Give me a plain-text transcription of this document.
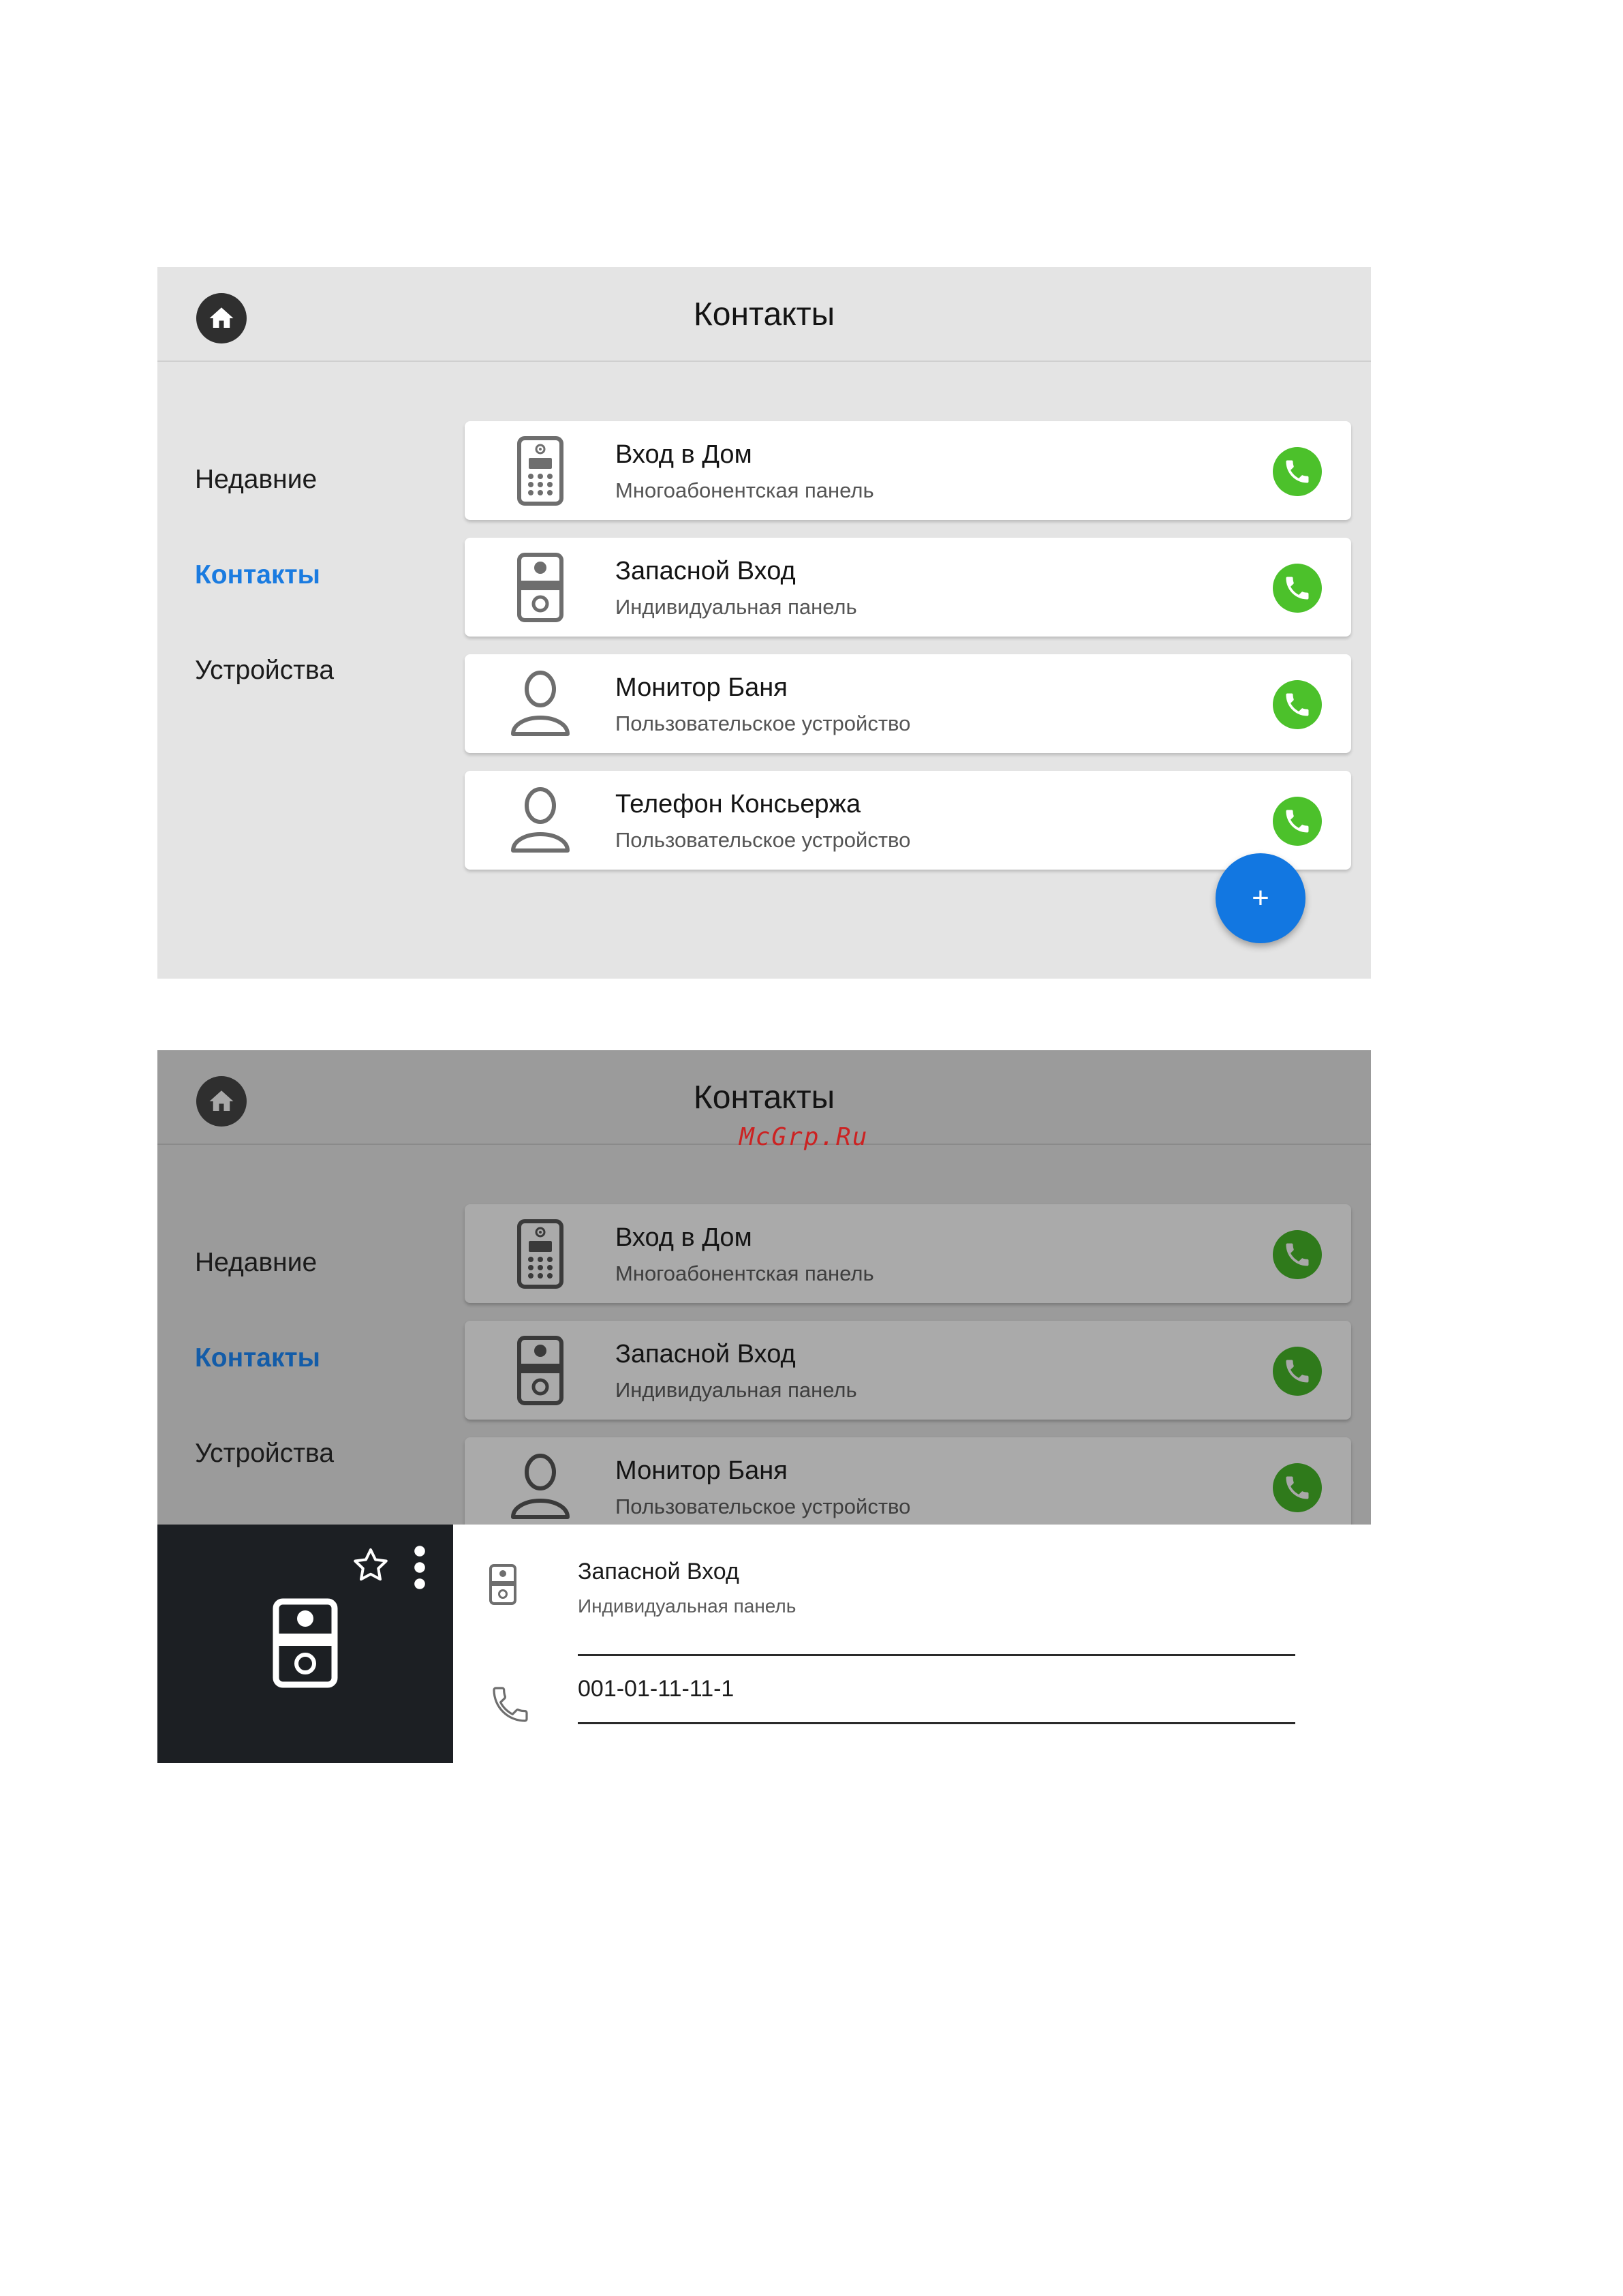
Контакты
Недавние
Контакты
Устройства
Вход в Дом
Многоабонентская панель
Запасной Вход
Индивидуальная панель
Монитор Баня
Пользовательское устройство
Телефон Консьержа
Пользовательское устройство
+
Контакты
Недавние
Контакты
Устройства
Вход в Дом
Многоабонентская панель
Запасной Вход
Индивидуальная панель
Монитор Баня
Пользовательское устройство
McGrp.Ru
Запасной Вход
Индивидуальная панель
001-01-11-11-1
